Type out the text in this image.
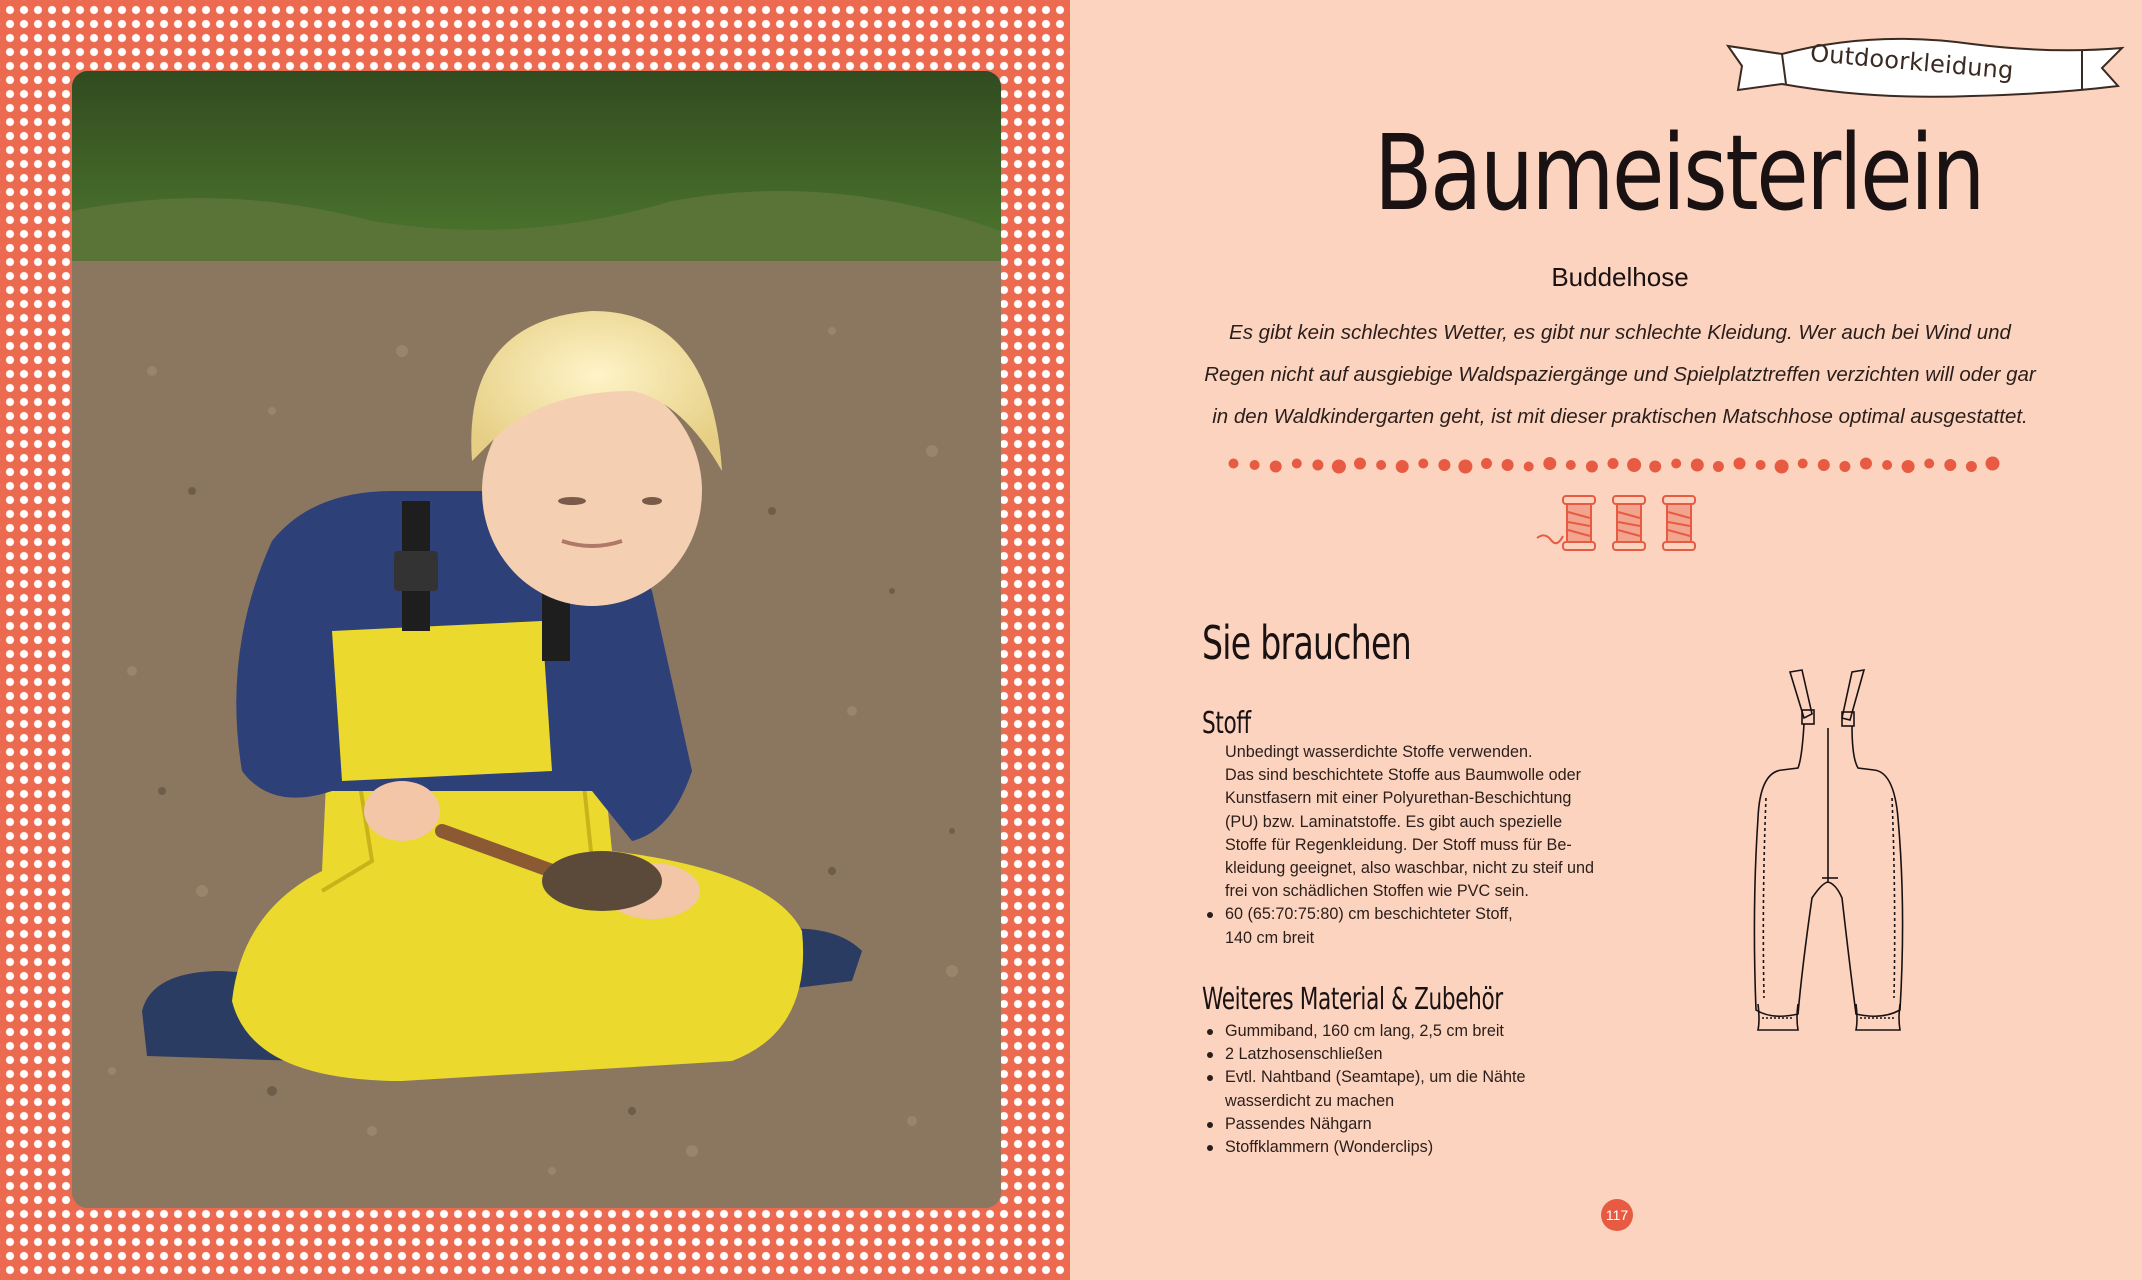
Outdoorkleidung
Baumeisterlein
Buddelhose
Es gibt kein schlechtes Wetter, es gibt nur schlechte Kleidung. Wer auch bei Wind und
Regen nicht auf ausgiebige Waldspaziergänge und Spielplatztreffen verzichten will oder gar
in den Waldkindergarten geht, ist mit dieser praktischen Matschhose optimal ausgestattet.
Sie brauchen
Stoff
Unbedingt wasserdichte Stoffe verwenden.
Das sind beschichtete Stoffe aus Baumwolle oder
Kunstfasern mit einer Polyurethan-Beschichtung
(PU) bzw. Laminatstoffe. Es gibt auch spezielle
Stoffe für Regenkleidung. Der Stoff muss für Be-
kleidung geeignet, also waschbar, nicht zu steif und
frei von schädlichen Stoffen wie PVC sein.
60 (65:70:75:80) cm beschichteter Stoff,
140 cm breit
Weiteres Material & Zubehör
Gummiband, 160 cm lang, 2,5 cm breit
2 Latzhosenschließen
Evtl. Nahtband (Seamtape), um die Nähte
wasserdicht zu machen
Passendes Nähgarn
Stoffklammern (Wonderclips)
117
